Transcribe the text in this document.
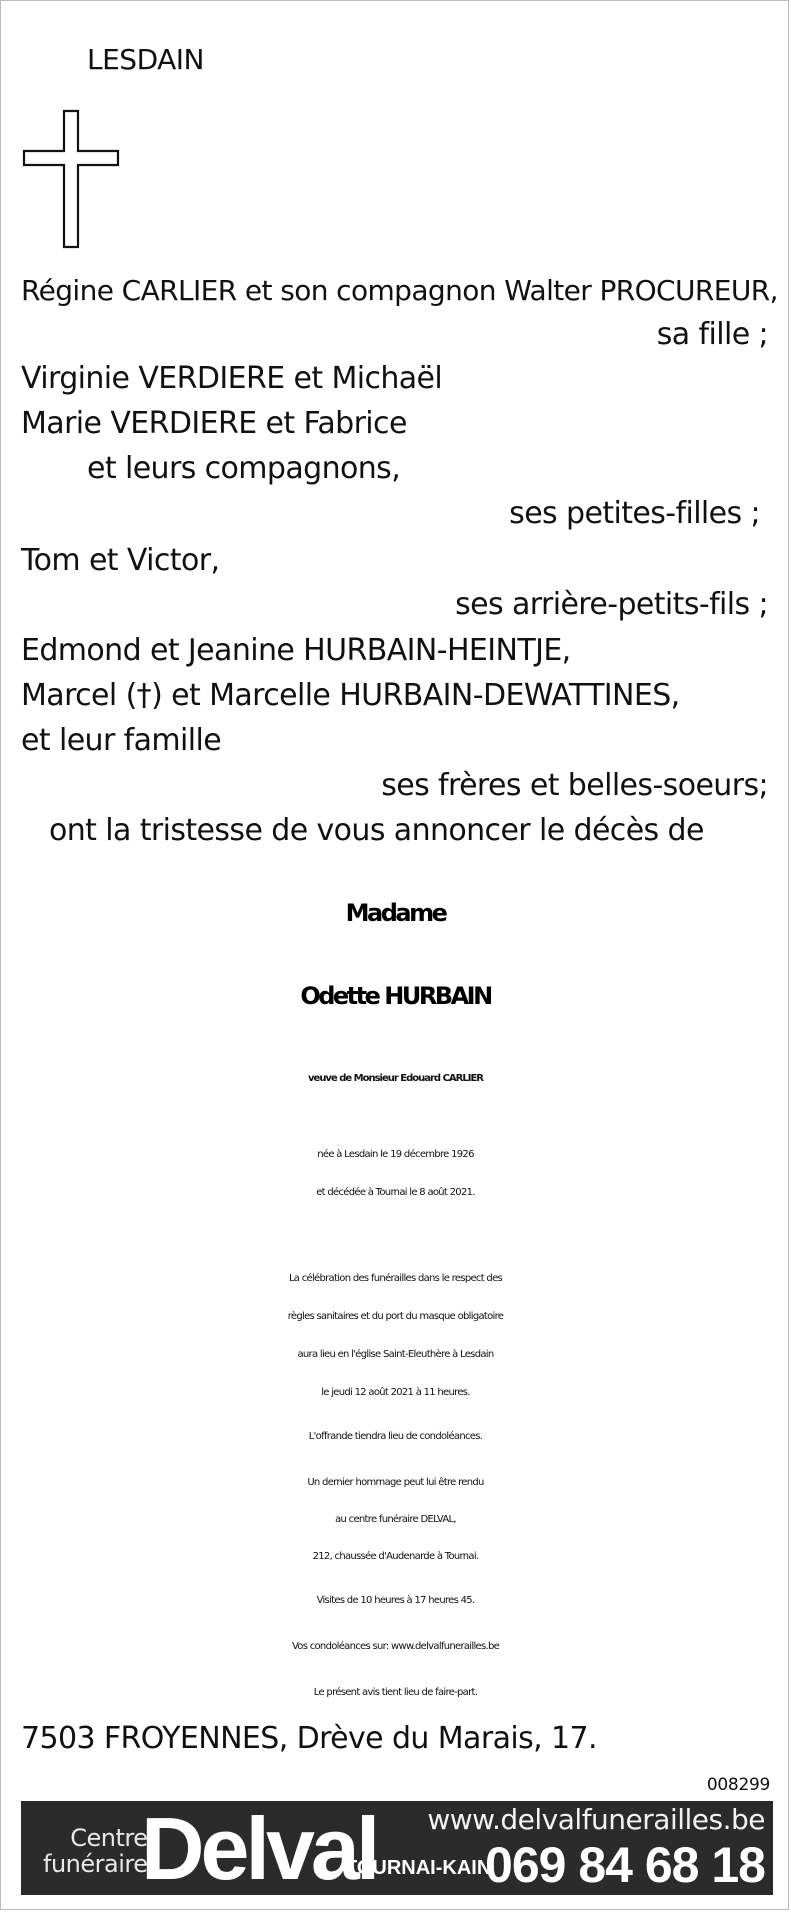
LESDAIN
Régine CARLIER et son compagnon Walter PROCUREUR,
sa fille ;
Virginie VERDIERE et Michaël
Marie VERDIERE et Fabrice
et leurs compagnons,
ses petites-filles ;
Tom et Victor,
ses arrière-petits-fils ;
Edmond et Jeanine HURBAIN-HEINTJE,
Marcel (†) et Marcelle HURBAIN-DEWATTINES,
et leur famille
ses frères et belles-soeurs;
ont la tristesse de vous annoncer le décès de
Madame
Odette HURBAIN
veuve de Monsieur Edouard CARLIER
née à Lesdain le 19 décembre 1926
et décédée à Tournai le 8 août 2021.
La célébration des funérailles dans le respect des
règles sanitaires et du port du masque obligatoire
aura lieu en l'église Saint-Eleuthère à Lesdain
le jeudi 12 août 2021 à 11 heures.
L'offrande tiendra lieu de condoléances.
Un dernier hommage peut lui être rendu
au centre funéraire DELVAL,
212, chaussée d'Audenarde à Tournai.
Visites de 10 heures à 17 heures 45.
Vos condoléances sur: www.delvalfunerailles.be
Le présent avis tient lieu de faire-part.
7503 FROYENNES, Drève du Marais, 17.
008299
Centre
funéraire
Delval www.delvalfunerailles.be
TOURNAI-KAIN
069 84 68 18
